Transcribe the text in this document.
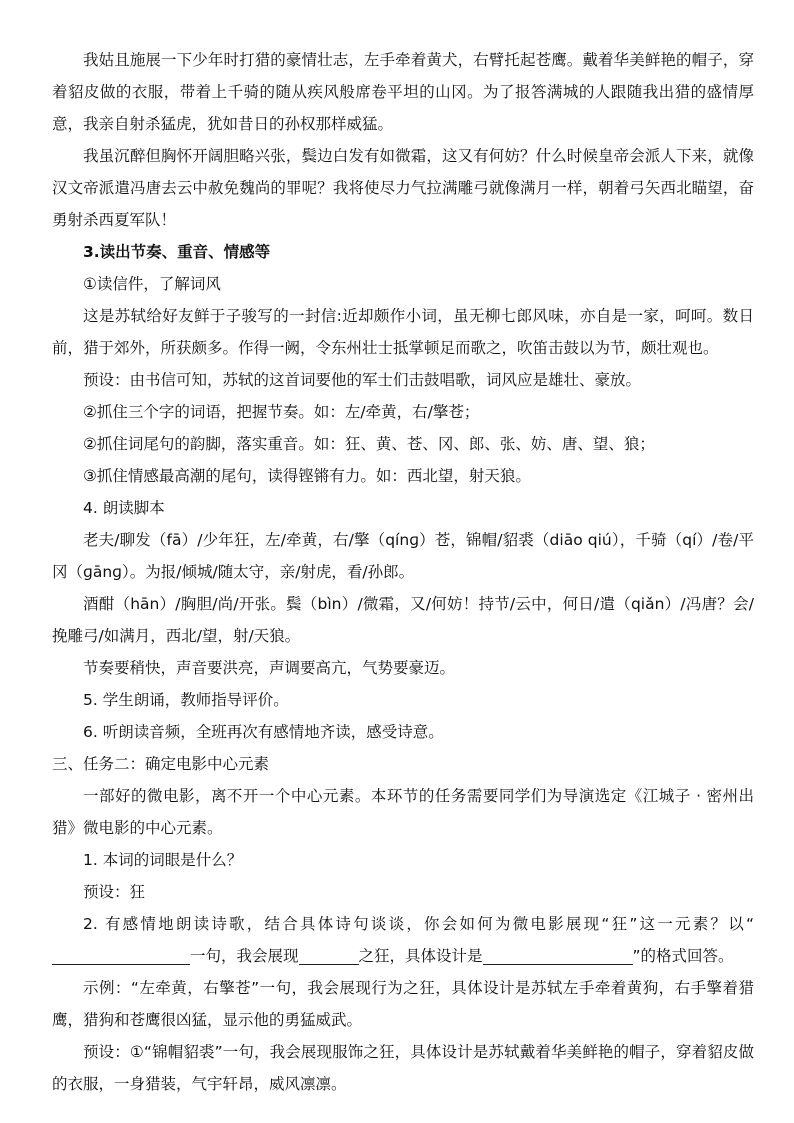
我姑且施展一下少年时打猎的豪情壮志，左手牵着黄犬，右臂托起苍鹰。戴着华美鲜艳的帽子，穿着貂皮做的衣服，带着上千骑的随从疾风般席卷平坦的山冈。为了报答满城的人跟随我出猎的盛情厚意，我亲自射杀猛虎，犹如昔日的孙权那样威猛。

我虽沉醉但胸怀开阔胆略兴张，鬓边白发有如微霜，这又有何妨？什么时候皇帝会派人下来，就像汉文帝派遣冯唐去云中赦免魏尚的罪呢？我将使尽力气拉满雕弓就像满月一样，朝着弓矢西北瞄望，奋勇射杀西夏军队！

3.读出节奏、重音、情感等

①读信件，了解词风

这是苏轼给好友鲜于子骏写的一封信:近却颇作小词，虽无柳七郎风味，亦自是一家，呵呵。数日前，猎于郊外，所获颇多。作得一阙，令东州壮士抵掌顿足而歌之，吹笛击鼓以为节，颇壮观也。

预设：由书信可知，苏轼的这首词要他的军士们击鼓唱歌，词风应是雄壮、豪放。

②抓住三个字的词语，把握节奏。如：左/牵黄，右/擎苍；

②抓住词尾句的韵脚，落实重音。如：狂、黄、苍、冈、郎、张、妨、唐、望、狼；

③抓住情感最高潮的尾句，读得铿锵有力。如：西北望，射天狼。

4. 朗读脚本

老夫/聊发（fā）/少年狂，左/牵黄，右/擎（qínɡ）苍，锦帽/貂裘（diāo qiú），千骑（qí）/卷/平冈（ɡānɡ）。为报/倾城/随太守，亲/射虎，看/孙郎。

酒酣（hān）/胸胆/尚/开张。鬓（bìn）/微霜，又/何妨！持节/云中，何日/遣（qiǎn）/冯唐？会/挽雕弓/如满月，西北/望，射/天狼。

节奏要稍快，声音要洪亮，声调要高亢，气势要豪迈。

5. 学生朗诵，教师指导评价。

6. 听朗读音频，全班再次有感情地齐读，感受诗意。

三、任务二：确定电影中心元素

一部好的微电影，离不开一个中心元素。本环节的任务需要同学们为导演选定《江城子 · 密州出猎》微电影的中心元素。

1. 本词的词眼是什么？

预设：狂

2. 有感情地朗读诗歌，结合具体诗句谈谈，你会如何为微电影展现“狂”这一元素？以“一句，我会展现	之狂，具体设计是	”的格式回答。

示例：“左牵黄，右擎苍”一句，我会展现行为之狂，具体设计是苏轼左手牵着黄狗，右手擎着猎鹰，猎狗和苍鹰很凶猛，显示他的勇猛威武。

预设：①“锦帽貂裘”一句，我会展现服饰之狂，具体设计是苏轼戴着华美鲜艳的帽子，穿着貂皮做的衣服，一身猎装，气宇轩昂，威风凛凛。
